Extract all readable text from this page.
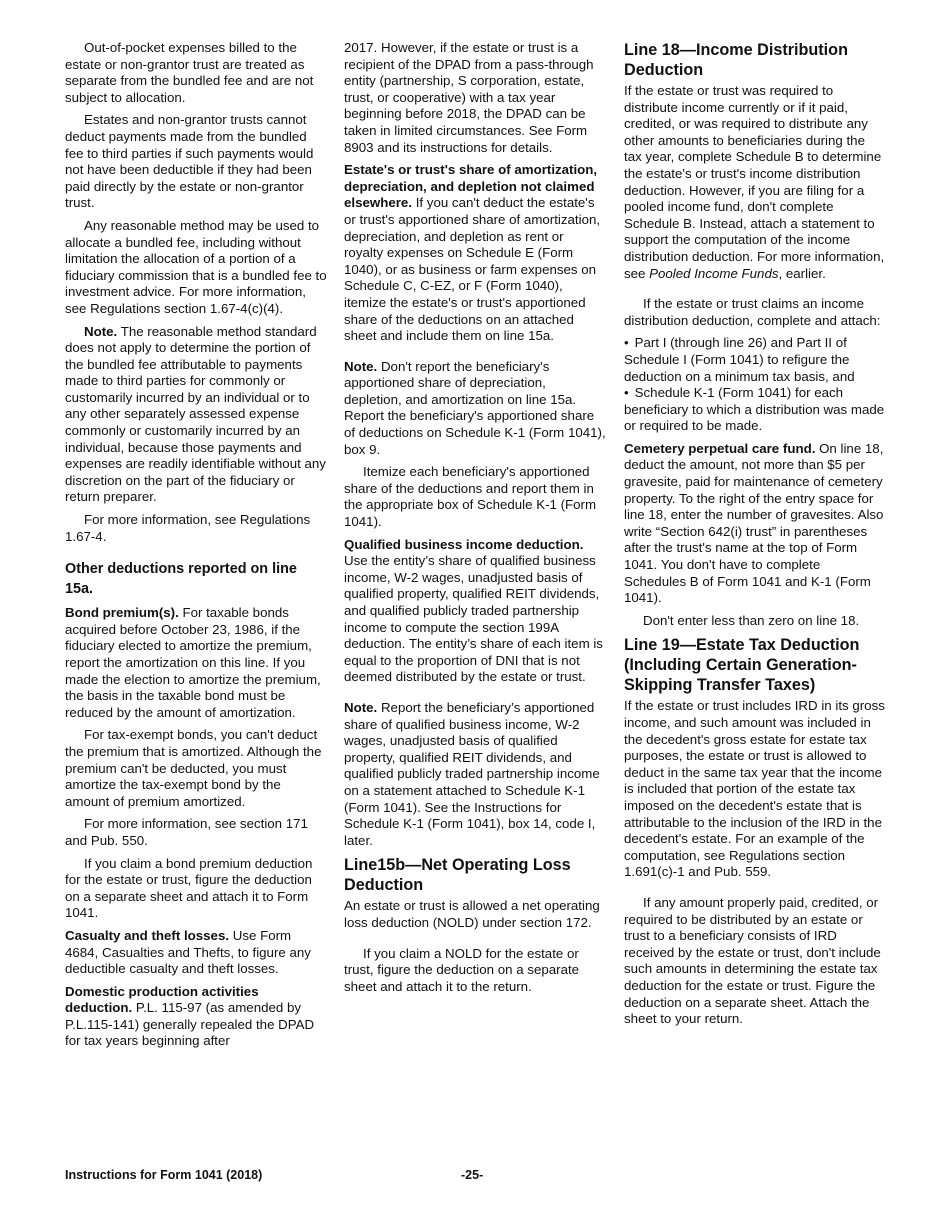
Out-of-pocket expenses billed to the estate or non-grantor trust are treated as separate from the bundled fee and are not subject to allocation.

Estates and non-grantor trusts cannot deduct payments made from the bundled fee to third parties if such payments would not have been deductible if they had been paid directly by the estate or non-grantor trust.

Any reasonable method may be used to allocate a bundled fee, including without limitation the allocation of a portion of a fiduciary commission that is a bundled fee to investment advice. For more information, see Regulations section 1.67-4(c)(4).

Note. The reasonable method standard does not apply to determine the portion of the bundled fee attributable to payments made to third parties for commonly or customarily incurred by an individual or to any other separately assessed expense commonly or customarily incurred by an individual, because those payments and expenses are readily identifiable without any discretion on the part of the fiduciary or return preparer.

For more information, see Regulations 1.67-4.

Other deductions reported on line 15a.

Bond premium(s). For taxable bonds acquired before October 23, 1986, if the fiduciary elected to amortize the premium, report the amortization on this line. If you made the election to amortize the premium, the basis in the taxable bond must be reduced by the amount of amortization.

For tax-exempt bonds, you can't deduct the premium that is amortized. Although the premium can't be deducted, you must amortize the tax-exempt bond by the amount of premium amortized.

For more information, see section 171 and Pub. 550.

If you claim a bond premium deduction for the estate or trust, figure the deduction on a separate sheet and attach it to Form 1041.

Casualty and theft losses. Use Form 4684, Casualties and Thefts, to figure any deductible casualty and theft losses.

Domestic production activities deduction. P.L. 115-97 (as amended by P.L.115-141) generally repealed the DPAD for tax years beginning after

2017. However, if the estate or trust is a recipient of the DPAD from a pass-through entity (partnership, S corporation, estate, trust, or cooperative) with a tax year beginning before 2018, the DPAD can be taken in limited circumstances. See Form 8903 and its instructions for details.

Estate's or trust's share of amortization, depreciation, and depletion not claimed elsewhere. If you can't deduct the estate's or trust's apportioned share of amortization, depreciation, and depletion as rent or royalty expenses on Schedule E (Form 1040), or as business or farm expenses on Schedule C, C-EZ, or F (Form 1040), itemize the estate's or trust's apportioned share of the deductions on an attached sheet and include them on line 15a.

Note. Don't report the beneficiary's apportioned share of depreciation, depletion, and amortization on line 15a. Report the beneficiary's apportioned share of deductions on Schedule K-1 (Form 1041), box 9.

Itemize each beneficiary's apportioned share of the deductions and report them in the appropriate box of Schedule K-1 (Form 1041).

Qualified business income deduction. Use the entity’s share of qualified business income, W-2 wages, unadjusted basis of qualified property, qualified REIT dividends, and qualified publicly traded partnership income to compute the section 199A deduction. The entity’s share of each item is equal to the proportion of DNI that is not deemed distributed by the estate or trust.

Note. Report the beneficiary’s apportioned share of qualified business income, W-2 wages, unadjusted basis of qualified property, qualified REIT dividends, and qualified publicly traded partnership income on a statement attached to Schedule K-1 (Form 1041). See the Instructions for Schedule K-1 (Form 1041), box 14, code I, later.

Line15b—Net Operating Loss Deduction

An estate or trust is allowed a net operating loss deduction (NOLD) under section 172.

If you claim a NOLD for the estate or trust, figure the deduction on a separate sheet and attach it to the return.

Line 18—Income Distribution Deduction

If the estate or trust was required to distribute income currently or if it paid, credited, or was required to distribute any other amounts to beneficiaries during the tax year, complete Schedule B to determine the estate's or trust's income distribution deduction. However, if you are filing for a pooled income fund, don't complete Schedule B. Instead, attach a statement to support the computation of the income distribution deduction. For more information, see Pooled Income Funds, earlier.

If the estate or trust claims an income distribution deduction, complete and attach:

• Part I (through line 26) and Part II of Schedule I (Form 1041) to refigure the deduction on a minimum tax basis, and
• Schedule K-1 (Form 1041) for each beneficiary to which a distribution was made or required to be made.

Cemetery perpetual care fund. On line 18, deduct the amount, not more than $5 per gravesite, paid for maintenance of cemetery property. To the right of the entry space for line 18, enter the number of gravesites. Also write “Section 642(i) trust” in parentheses after the trust's name at the top of Form 1041. You don't have to complete Schedules B of Form 1041 and K-1 (Form 1041).

Don't enter less than zero on line 18.

Line 19—Estate Tax Deduction (Including Certain Generation-Skipping Transfer Taxes)

If the estate or trust includes IRD in its gross income, and such amount was included in the decedent's gross estate for estate tax purposes, the estate or trust is allowed to deduct in the same tax year that the income is included that portion of the estate tax imposed on the decedent's estate that is attributable to the inclusion of the IRD in the decedent's estate. For an example of the computation, see Regulations section 1.691(c)-1 and Pub. 559.

If any amount properly paid, credited, or required to be distributed by an estate or trust to a beneficiary consists of IRD received by the estate or trust, don't include such amounts in determining the estate tax deduction for the estate or trust. Figure the deduction on a separate sheet. Attach the sheet to your return.

Instructions for Form 1041 (2018)	-25-
